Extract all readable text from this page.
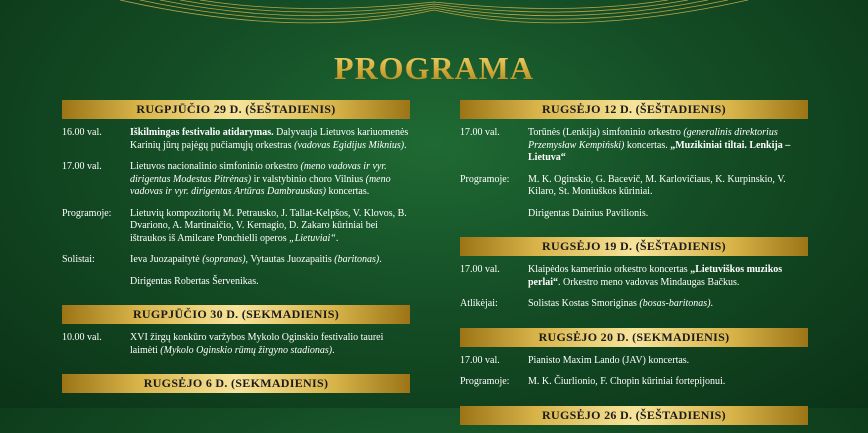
PROGRAMA
RUGPJŪČIO 29 D. (ŠEŠTADIENIS)
16.00 val.	Iškilmingas festivalio atidarymas. Dalyvauja Lietuvos kariuomenės Karinių jūrų pajėgų pučiamųjų orkestras (vadovas Egidijus Miknius).
17.00 val.	Lietuvos nacionalinio simfoninio orkestro (meno vadovas ir vyr. dirigentas Modestas Pitrėnas) ir valstybinio choro Vilnius (meno vadovas ir vyr. dirigentas Artūras Dambrauskas) koncertas.
Programoje:	Lietuvių kompozitorių M. Petrausko, J. Tallat-Kelpšos, V. Klovos, B. Dvariono, A. Martinaičio, V. Kernagio, D. Zakaro kūriniai bei ištraukos iš Amilcare Ponchielli operos „Lietuviai“.
Solistai:	Ieva Juozapaitytė (sopranas), Vytautas Juozapaitis (baritonas).
Dirigentas Robertas Šervenikas.
RUGPJŪČIO 30 D. (SEKMADIENIS)
10.00 val.	XVI žirgų konkūro varžybos Mykolo Oginskio festivalio taurei laimėti (Mykolo Oginskio rūmų žirgyno stadionas).
RUGSĖJO 6 D. (SEKMADIENIS)
RUGSĖJO 12 D. (ŠEŠTADIENIS)
17.00 val.	Torūnės (Lenkija) simfoninio orkestro (generalinis direktorius Przemysław Kempiński) koncertas. „Muzikiniai tiltai. Lenkija – Lietuva“
Programoje:	M. K. Oginskio, G. Bacevič, M. Karlovičiaus, K. Kurpinskio, V. Kilaro, St. Moniuškos kūriniai.
Dirigentas Dainius Pavilionis.
RUGSĖJO 19 D. (ŠEŠTADIENIS)
17.00 val.	Klaipėdos kamerinio orkestro koncertas „Lietuviškos muzikos perlai“. Orkestro meno vadovas Mindaugas Bačkus.
Atlikėjai:	Solistas Kostas Smoriginas (bosas-baritonas).
RUGSĖJO 20 D. (SEKMADIENIS)
17.00 val.	Pianisto Maxim Lando (JAV) koncertas.
Programoje:	M. K. Čiurlionio, F. Chopin kūriniai fortepijonui.
RUGSĖJO 26 D. (ŠEŠTADIENIS)
